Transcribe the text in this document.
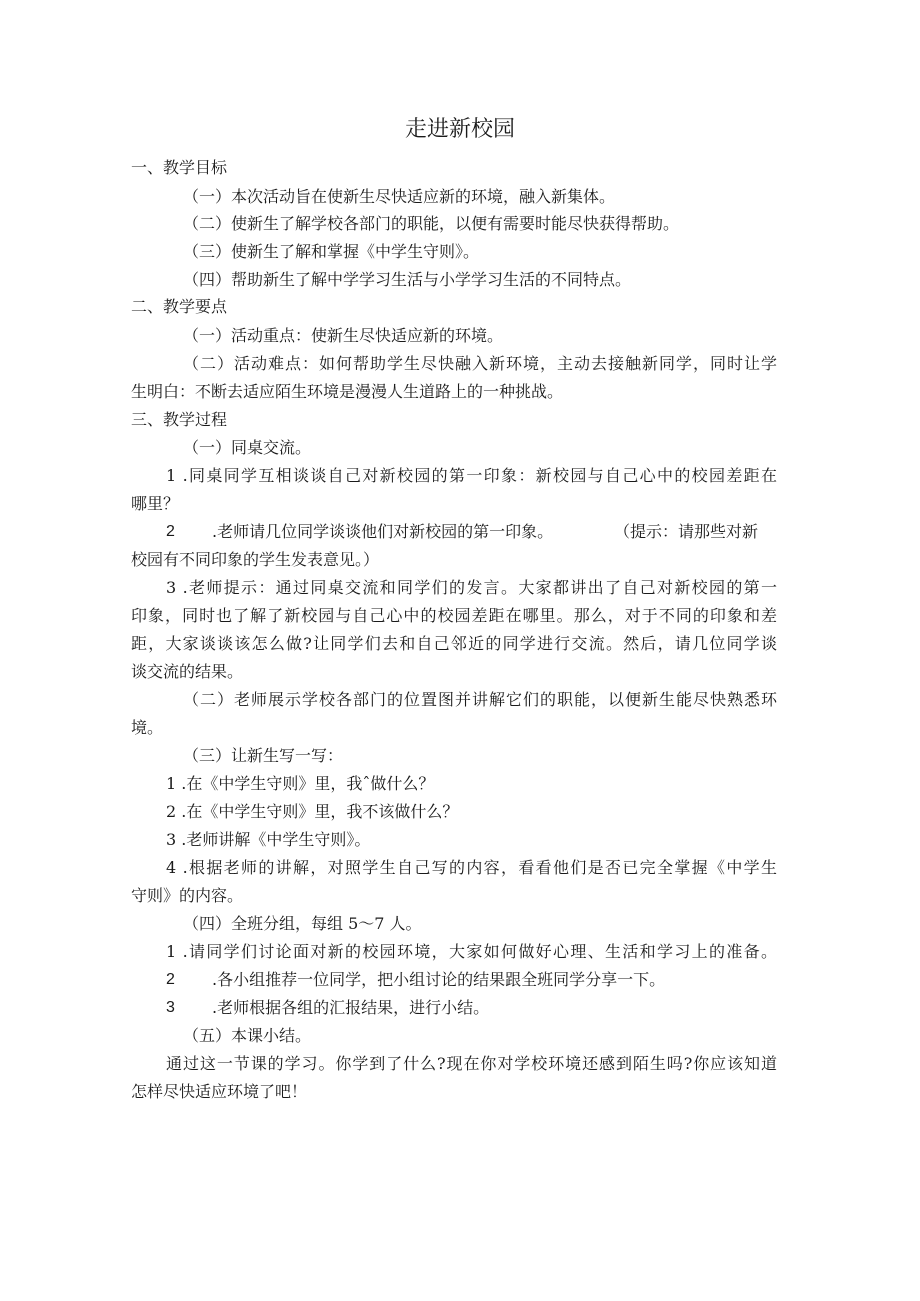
走进新校园
一、教学目标
（一）本次活动旨在使新生尽快适应新的环境，融入新集体。
（二）使新生了解学校各部门的职能，以便有需要时能尽快获得帮助。
（三）使新生了解和掌握《中学生守则》。
（四）帮助新生了解中学学习生活与小学学习生活的不同特点。
二、教学要点
（一）活动重点：使新生尽快适应新的环境。
（二）活动难点：如何帮助学生尽快融入新环境，主动去接触新同学，同时让学
生明白：不断去适应陌生环境是漫漫人生道路上的一种挑战。
三、教学过程
（一）同桌交流。
1 .同桌同学互相谈谈自己对新校园的第一印象：新校园与自己心中的校园差距在
哪里？
2	.老师请几位同学谈谈他们对新校园的第一印象。	（提示：请那些对新
校园有不同印象的学生发表意见。）
3 .老师提示：通过同桌交流和同学们的发言。大家都讲出了自己对新校园的第一
印象，同时也了解了新校园与自己心中的校园差距在哪里。那么，对于不同的印象和差
距，大家谈谈该怎么做?让同学们去和自己邻近的同学进行交流。然后，请几位同学谈
谈交流的结果。
（二）老师展示学校各部门的位置图并讲解它们的职能，以便新生能尽快熟悉环
境。
（三）让新生写一写：
1 .在《中学生守则》里，我ˆ做什么？
2 .在《中学生守则》里，我不该做什么？
3 .老师讲解《中学生守则》。
4 .根据老师的讲解，对照学生自己写的内容，看看他们是否已完全掌握《中学生
守则》的内容。
（四）全班分组，每组 5～7 人。
1 .请同学们讨论面对新的校园环境，大家如何做好心理、生活和学习上的准备。
2	.各小组推荐一位同学，把小组讨论的结果跟全班同学分享一下。
3	.老师根据各组的汇报结果，进行小结。
（五）本课小结。
通过这一节课的学习。你学到了什么?现在你对学校环境还感到陌生吗?你应该知道
怎样尽快适应环境了吧！
